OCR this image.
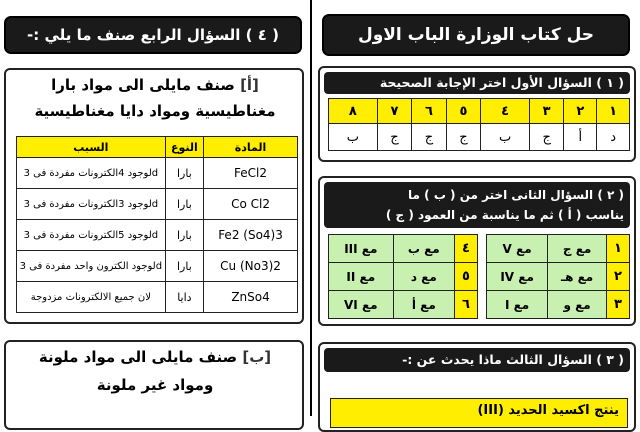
( ٤ ) السؤال الرابع صنف ما يلي :-
[أ] صنف مايلى الى مواد بارا
مغناطيسية ومواد دايا مغناطيسية
السبب	النوع	المادة
لوجود 4الكترونات مفردة فى 3d	بارا	FeCl2
لوجود 3الكترونات مفردة فى 3d	بارا	Co Cl2
لوجود 5الكترونات مفردة فى 3d	بارا	Fe2 (So4)3
لوجود الكترون واحد مفردة فى 3d	بارا	Cu (No3)2
لان جميع الالكترونات مزدوجة	دايا	ZnSo4
[ب] صنف مايلى الى مواد ملونة
ومواد غير ملونة
حل كتاب الوزارة الباب الاول
( ١ ) السؤال الأول اختر الإجابة الصحيحة
١	٢	٣	٤	٥	٦	٧	٨
د	أ	ج	ب	ج	ج	ج	ب
( ٢ ) السؤال الثانى اختر من ( ب ) ما
يناسب ( أ ) ثم ما يناسبة من العمود ( ج )
١	مع ج	مع V
٢	مع هـ	مع IV
٣	مع و	مع I
٤	مع ب	مع III
٥	مع د	مع II
٦	مع أ	مع VI
( ٣ ) السؤال الثالث ماذا يحدث عن :-
ينتج اكسيد الحديد (III)
